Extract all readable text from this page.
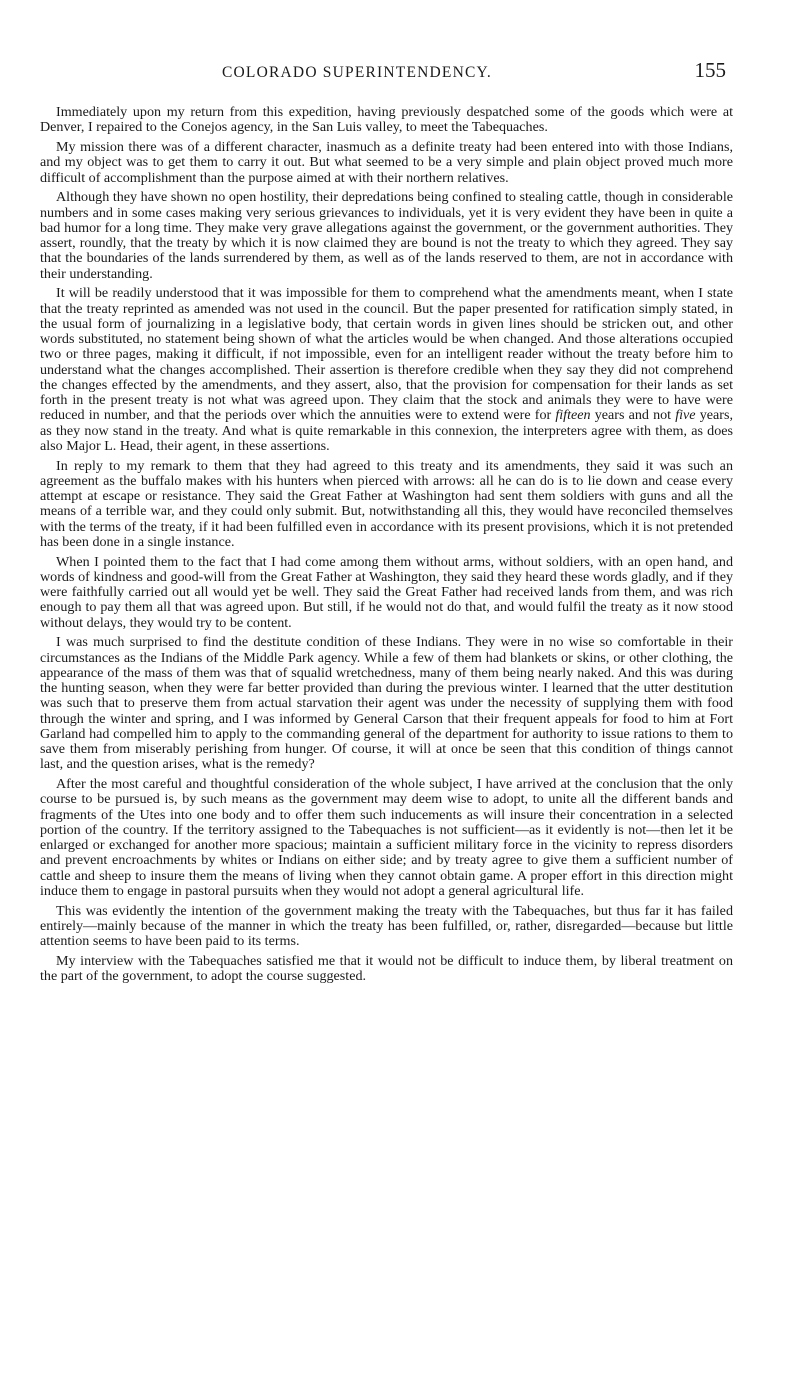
COLORADO SUPERINTENDENCY.	155

Immediately upon my return from this expedition, having previously despatched some of the goods which were at Denver, I repaired to the Conejos agency, in the San Luis valley, to meet the Tabequaches.

My mission there was of a different character, inasmuch as a definite treaty had been entered into with those Indians, and my object was to get them to carry it out. But what seemed to be a very simple and plain object proved much more difficult of accomplishment than the purpose aimed at with their northern relatives.

Although they have shown no open hostility, their depredations being confined to stealing cattle, though in considerable numbers and in some cases making very serious grievances to individuals, yet it is very evident they have been in quite a bad humor for a long time. They make very grave allegations against the government, or the government authorities. They assert, roundly, that the treaty by which it is now claimed they are bound is not the treaty to which they agreed. They say that the boundaries of the lands surrendered by them, as well as of the lands reserved to them, are not in accordance with their understanding.

It will be readily understood that it was impossible for them to comprehend what the amendments meant, when I state that the treaty reprinted as amended was not used in the council. But the paper presented for ratification simply stated, in the usual form of journalizing in a legislative body, that certain words in given lines should be stricken out, and other words substituted, no statement being shown of what the articles would be when changed. And those alterations occupied two or three pages, making it difficult, if not impossible, even for an intelligent reader without the treaty before him to understand what the changes accomplished. Their assertion is therefore credible when they say they did not comprehend the changes effected by the amendments, and they assert, also, that the provision for compensation for their lands as set forth in the present treaty is not what was agreed upon. They claim that the stock and animals they were to have were reduced in number, and that the periods over which the annuities were to extend were for fifteen years and not five years, as they now stand in the treaty. And what is quite remarkable in this connexion, the interpreters agree with them, as does also Major L. Head, their agent, in these assertions.

In reply to my remark to them that they had agreed to this treaty and its amendments, they said it was such an agreement as the buffalo makes with his hunters when pierced with arrows: all he can do is to lie down and cease every attempt at escape or resistance. They said the Great Father at Washington had sent them soldiers with guns and all the means of a terrible war, and they could only submit. But, notwithstanding all this, they would have reconciled themselves with the terms of the treaty, if it had been fulfilled even in accordance with its present provisions, which it is not pretended has been done in a single instance.

When I pointed them to the fact that I had come among them without arms, without soldiers, with an open hand, and words of kindness and good-will from the Great Father at Washington, they said they heard these words gladly, and if they were faithfully carried out all would yet be well. They said the Great Father had received lands from them, and was rich enough to pay them all that was agreed upon. But still, if he would not do that, and would fulfil the treaty as it now stood without delays, they would try to be content.

I was much surprised to find the destitute condition of these Indians. They were in no wise so comfortable in their circumstances as the Indians of the Middle Park agency. While a few of them had blankets or skins, or other clothing, the appearance of the mass of them was that of squalid wretchedness, many of them being nearly naked. And this was during the hunting season, when they were far better provided than during the previous winter. I learned that the utter destitution was such that to preserve them from actual starvation their agent was under the necessity of supplying them with food through the winter and spring, and I was informed by General Carson that their frequent appeals for food to him at Fort Garland had compelled him to apply to the commanding general of the department for authority to issue rations to them to save them from miserably perishing from hunger. Of course, it will at once be seen that this condition of things cannot last, and the question arises, what is the remedy?

After the most careful and thoughtful consideration of the whole subject, I have arrived at the conclusion that the only course to be pursued is, by such means as the government may deem wise to adopt, to unite all the different bands and fragments of the Utes into one body and to offer them such inducements as will insure their concentration in a selected portion of the country. If the territory assigned to the Tabequaches is not sufficient—as it evidently is not—then let it be enlarged or exchanged for another more spacious; maintain a sufficient military force in the vicinity to repress disorders and prevent encroachments by whites or Indians on either side; and by treaty agree to give them a sufficient number of cattle and sheep to insure them the means of living when they cannot obtain game. A proper effort in this direction might induce them to engage in pastoral pursuits when they would not adopt a general agricultural life.

This was evidently the intention of the government making the treaty with the Tabequaches, but thus far it has failed entirely—mainly because of the manner in which the treaty has been fulfilled, or, rather, disregarded—because but little attention seems to have been paid to its terms.

My interview with the Tabequaches satisfied me that it would not be difficult to induce them, by liberal treatment on the part of the government, to adopt the course suggested.
